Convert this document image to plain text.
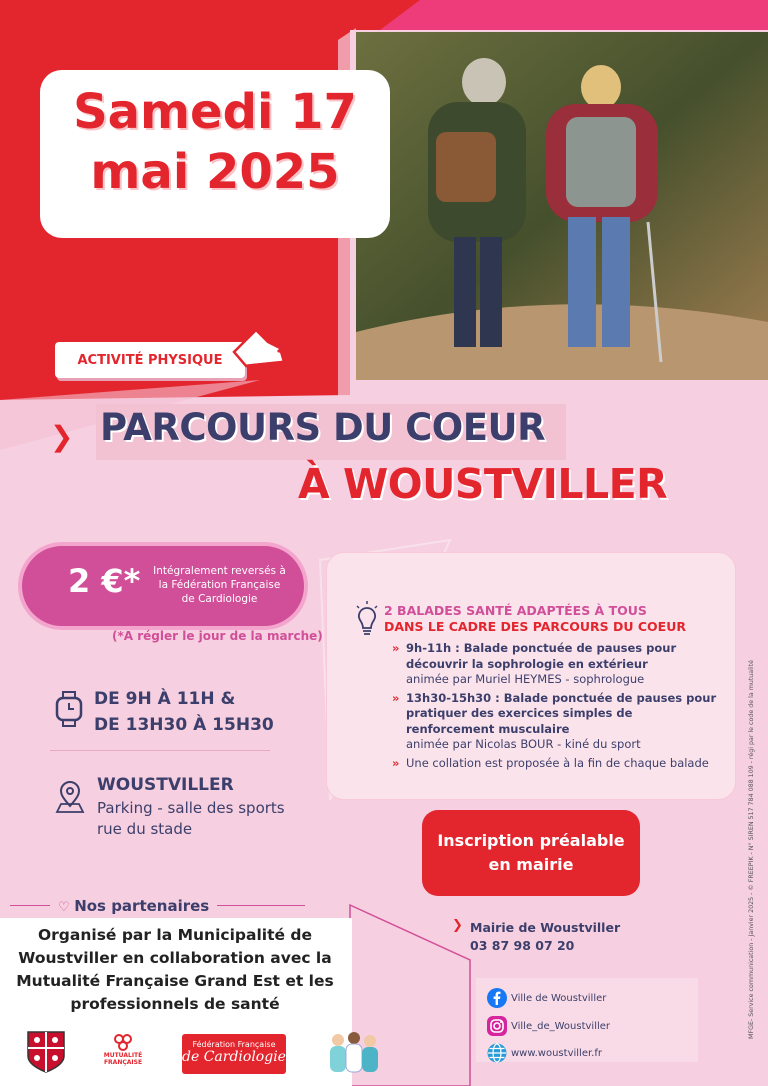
Samedi 17
mai 2025
ACTIVITÉ PHYSIQUE
❯ PARCOURS DU COEUR
À WOUSTVILLER
2 €* Intégralement reversés à la Fédération Française de Cardiologie
(*A régler le jour de la marche)
DE 9H À 11H &
DE 13H30 À 15H30
WOUSTVILLER
Parking - salle des sports
rue du stade
2 BALADES SANTÉ ADAPTÉES À TOUS
DANS LE CADRE DES PARCOURS DU COEUR
» 9h-11h : Balade ponctuée de pauses pour découvrir la sophrologie en extérieur
animée par Muriel HEYMES - sophrologue
» 13h30-15h30 : Balade ponctuée de pauses pour pratiquer des exercices simples de renforcement musculaire
animée par Nicolas BOUR - kiné du sport
» Une collation est proposée à la fin de chaque balade
Inscription préalable
en mairie
❯ Mairie de Woustviller
03 87 98 07 20
Ville de Woustviller
Ville_de_Woustviller
www.woustviller.fr
♡ Nos partenaires
Organisé par la Municipalité de Woustviller en collaboration avec la Mutualité Française Grand Est et les professionnels de santé
MUTUALITÉ FRANÇAISE
Fédération Française
de Cardiologie
MFGE- Service communication - Janvier 2025 - © FREEPIK - N° SIREN 517 784 088 109 - régi par le code de la mutualité
